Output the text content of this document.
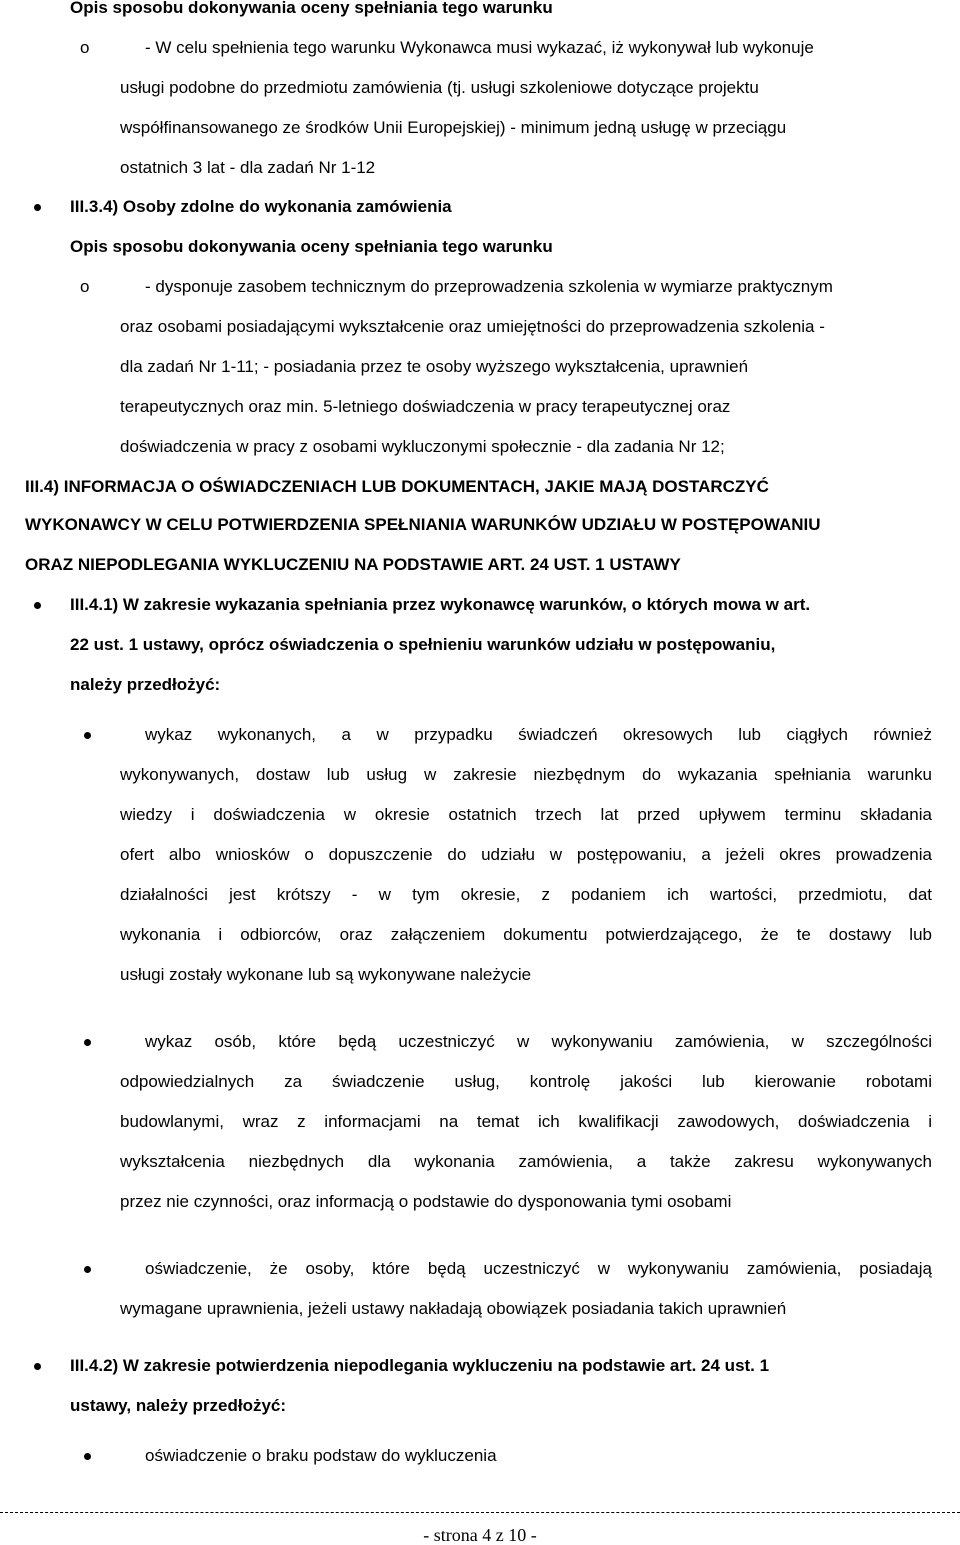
Opis sposobu dokonywania oceny spełniania tego warunku
o	- W celu spełnienia tego warunku Wykonawca musi wykazać, iż wykonywał lub wykonuje
usługi podobne do przedmiotu zamówienia (tj. usługi szkoleniowe dotyczące projektu
współfinansowanego ze środków Unii Europejskiej) - minimum jedną usługę w przeciągu
ostatnich 3 lat - dla zadań Nr 1-12
III.3.4) Osoby zdolne do wykonania zamówienia
Opis sposobu dokonywania oceny spełniania tego warunku
o	- dysponuje zasobem technicznym do przeprowadzenia szkolenia w wymiarze praktycznym
oraz osobami posiadającymi wykształcenie oraz umiejętności do przeprowadzenia szkolenia -
dla zadań Nr 1-11; - posiadania przez te osoby wyższego wykształcenia, uprawnień
terapeutycznych oraz min. 5-letniego doświadczenia w pracy terapeutycznej oraz
doświadczenia w pracy z osobami wykluczonymi społecznie - dla zadania Nr 12;
III.4) INFORMACJA O OŚWIADCZENIACH LUB DOKUMENTACH, JAKIE MAJĄ DOSTARCZYĆ
WYKONAWCY W CELU POTWIERDZENIA SPEŁNIANIA WARUNKÓW UDZIAŁU W POSTĘPOWANIU
ORAZ NIEPODLEGANIA WYKLUCZENIU NA PODSTAWIE ART. 24 UST. 1 USTAWY
III.4.1) W zakresie wykazania spełniania przez wykonawcę warunków, o których mowa w art.
22 ust. 1 ustawy, oprócz oświadczenia o spełnieniu warunków udziału w postępowaniu,
należy przedłożyć:
wykaz wykonanych, a w przypadku świadczeń okresowych lub ciągłych również
wykonywanych, dostaw lub usług w zakresie niezbędnym do wykazania spełniania warunku
wiedzy i doświadczenia w okresie ostatnich trzech lat przed upływem terminu składania
ofert albo wniosków o dopuszczenie do udziału w postępowaniu, a jeżeli okres prowadzenia
działalności jest krótszy - w tym okresie, z podaniem ich wartości, przedmiotu, dat
wykonania i odbiorców, oraz załączeniem dokumentu potwierdzającego, że te dostawy lub
usługi zostały wykonane lub są wykonywane należycie
wykaz osób, które będą uczestniczyć w wykonywaniu zamówienia, w szczególności
odpowiedzialnych za świadczenie usług, kontrolę jakości lub kierowanie robotami
budowlanymi, wraz z informacjami na temat ich kwalifikacji zawodowych, doświadczenia i
wykształcenia niezbędnych dla wykonania zamówienia, a także zakresu wykonywanych
przez nie czynności, oraz informacją o podstawie do dysponowania tymi osobami
oświadczenie, że osoby, które będą uczestniczyć w wykonywaniu zamówienia, posiadają
wymagane uprawnienia, jeżeli ustawy nakładają obowiązek posiadania takich uprawnień
III.4.2) W zakresie potwierdzenia niepodlegania wykluczeniu na podstawie art. 24 ust. 1
ustawy, należy przedłożyć:
oświadczenie o braku podstaw do wykluczenia
- strona 4 z 10 -
